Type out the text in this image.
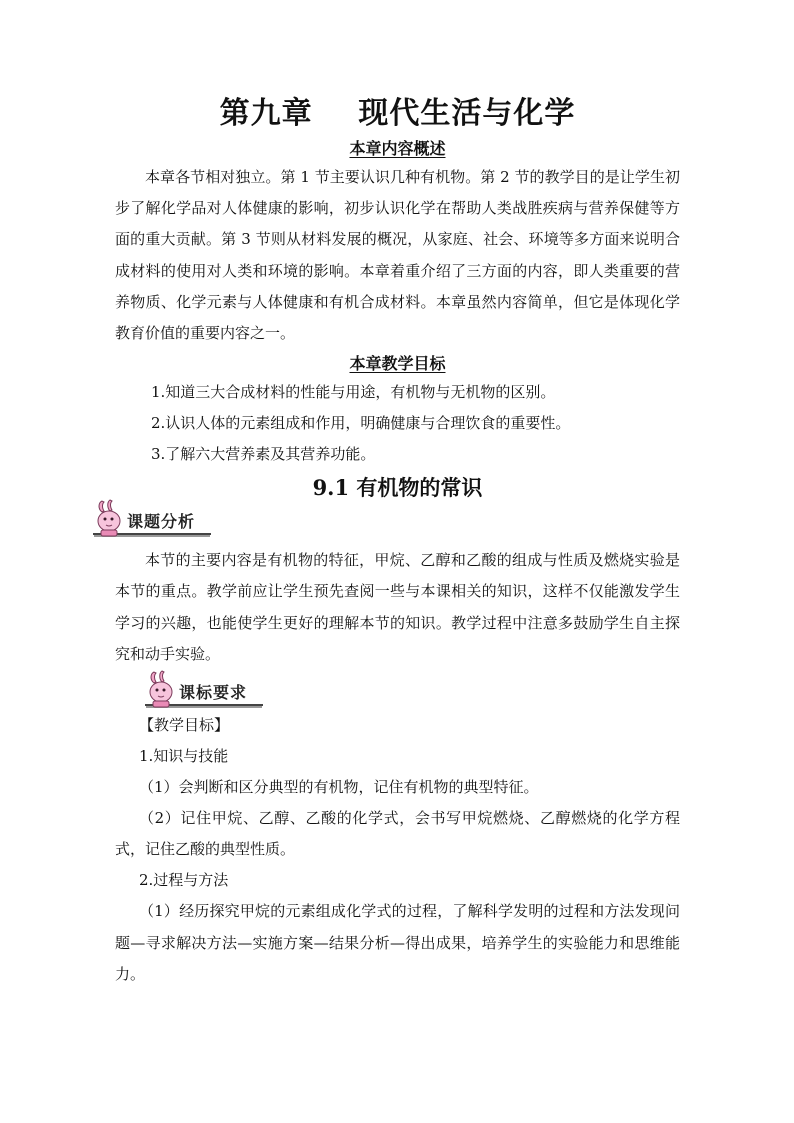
第九章    现代生活与化学
本章内容概述

本章各节相对独立。第 1 节主要认识几种有机物。第 2 节的教学目的是让学生初步了解化学品对人体健康的影响，初步认识化学在帮助人类战胜疾病与营养保健等方面的重大贡献。第 3 节则从材料发展的概况，从家庭、社会、环境等多方面来说明合成材料的使用对人类和环境的影响。本章着重介绍了三方面的内容，即人类重要的营养物质、化学元素与人体健康和有机合成材料。本章虽然内容简单，但它是体现化学教育价值的重要内容之一。

本章教学目标
1.知道三大合成材料的性能与用途，有机物与无机物的区别。
2.认识人体的元素组成和作用，明确健康与合理饮食的重要性。
3.了解六大营养素及其营养功能。
9.1 有机物的常识
课题分析

本节的主要内容是有机物的特征，甲烷、乙醇和乙酸的组成与性质及燃烧实验是本节的重点。教学前应让学生预先查阅一些与本课相关的知识，这样不仅能激发学生学习的兴趣，也能使学生更好的理解本节的知识。教学过程中注意多鼓励学生自主探究和动手实验。

课标要求
【教学目标】
1.知识与技能
（1）会判断和区分典型的有机物，记住有机物的典型特征。

（2）记住甲烷、乙醇、乙酸的化学式，会书写甲烷燃烧、乙醇燃烧的化学方程式，记住乙酸的典型性质。

2.过程与方法

（1）经历探究甲烷的元素组成化学式的过程，了解科学发明的过程和方法发现问题—寻求解决方法—实施方案—结果分析—得出成果，培养学生的实验能力和思维能力。
